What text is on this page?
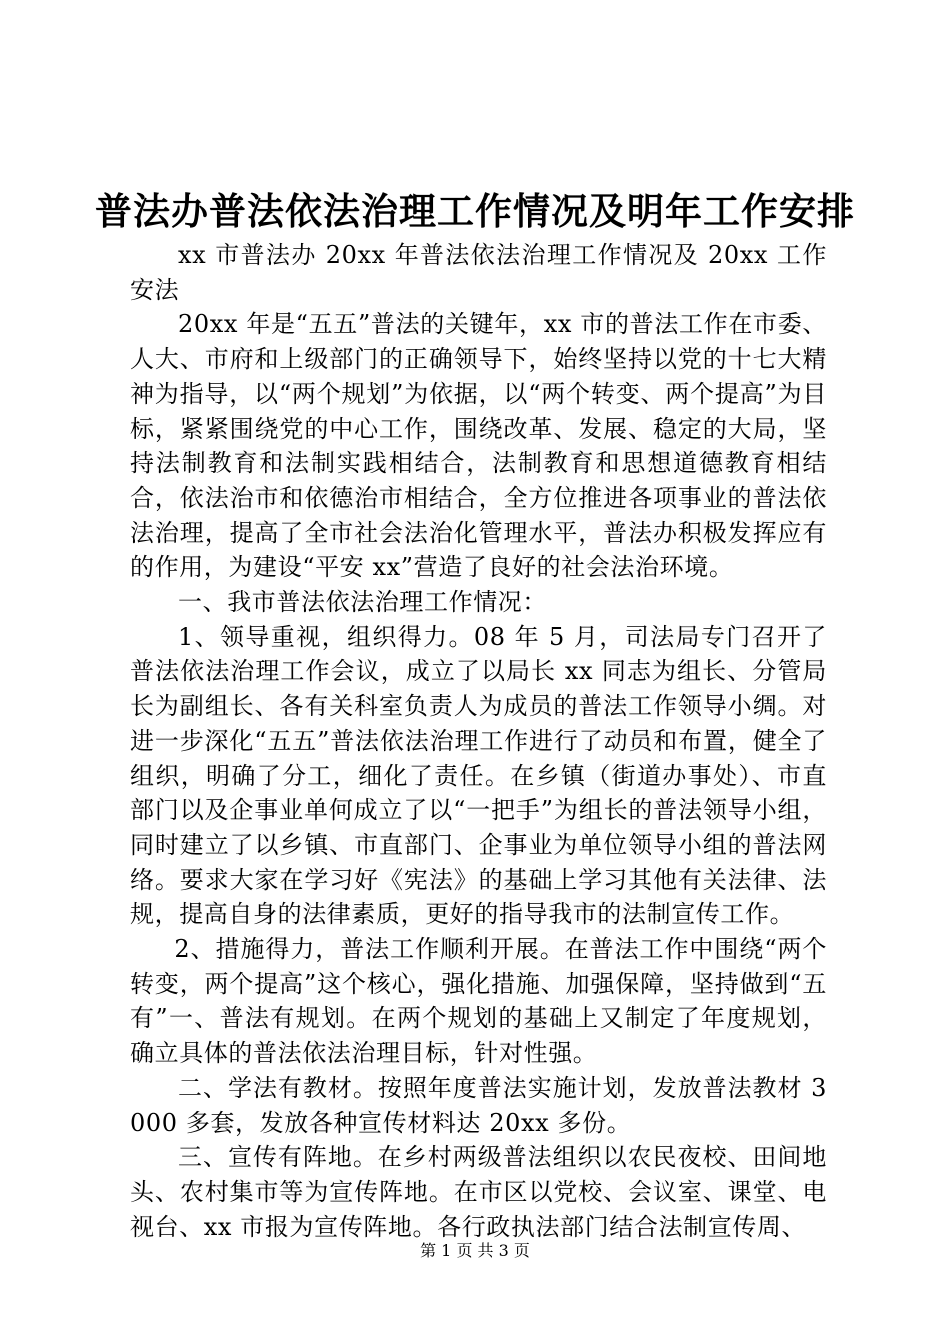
普法办普法依法治理工作情况及明年工作安排

xx 市普法办 20xx 年普法依法治理工作情况及 20xx 工作安法

20xx 年是“五五”普法的关键年，xx 市的普法工作在市委、人大、市府和上级部门的正确领导下，始终坚持以党的十七大精神为指导，以“两个规划”为依据，以“两个转变、两个提高”为目标，紧紧围绕党的中心工作，围绕改革、发展、稳定的大局，坚持法制教育和法制实践相结合，法制教育和思想道德教育相结合，依法治市和依德治市相结合，全方位推进各项事业的普法依法治理，提高了全市社会法治化管理水平，普法办积极发挥应有的作用，为建设“平安 xx”营造了良好的社会法治环境。

一、我市普法依法治理工作情况：

1、领导重视，组织得力。08 年 5 月，司法局专门召开了普法依法治理工作会议，成立了以局长 xx 同志为组长、分管局长为副组长、各有关科室负责人为成员的普法工作领导小绸。对进一步深化“五五”普法依法治理工作进行了动员和布置，健全了组织，明确了分工，细化了责任。在乡镇（街道办事处）、市直部门以及企事业单何成立了以“一把手”为组长的普法领导小组，同时建立了以乡镇、市直部门、企事业为单位领导小组的普法网络。要求大家在学习好《宪法》的基础上学习其他有关法律、法规，提高自身的法律素质，更好的指导我市的法制宣传工作。

2、措施得力，普法工作顺利开展。在普法工作中围绕“两个转变，两个提高”这个核心，强化措施、加强保障，坚持做到“五有”一、普法有规划。在两个规划的基础上又制定了年度规划，确立具体的普法依法治理目标，针对性强。

二、学法有教材。按照年度普法实施计划，发放普法教材 3000 多套，发放各种宣传材料达 20xx 多份。

三、宣传有阵地。在乡村两级普法组织以农民夜校、田间地头、农村集市等为宣传阵地。在市区以党校、会议室、课堂、电视台、xx 市报为宣传阵地。各行政执法部门结合法制宣传周、

第 1 页 共 3 页
